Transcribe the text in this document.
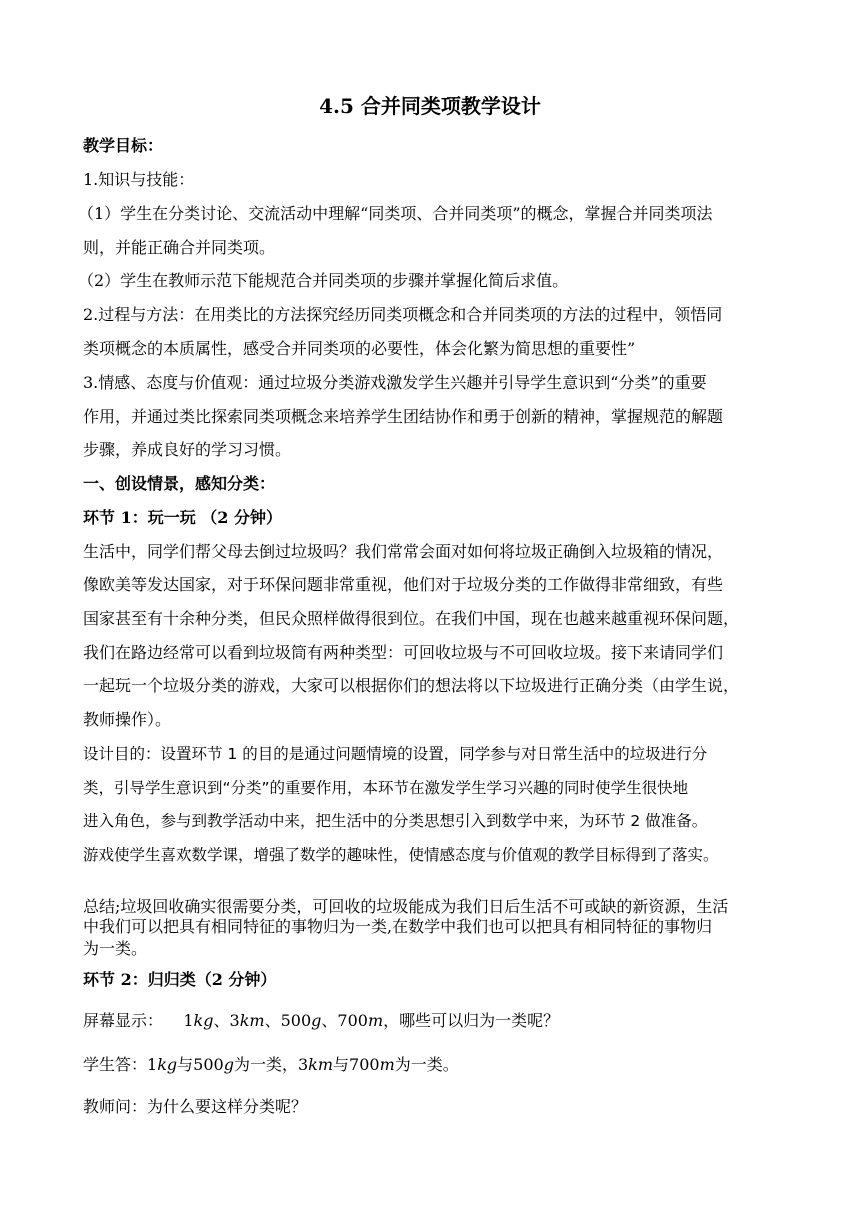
4.5 合并同类项教学设计
教学目标：
1.知识与技能：
（1）学生在分类讨论、交流活动中理解“同类项、合并同类项”的概念，掌握合并同类项法
则，并能正确合并同类项。
（2）学生在教师示范下能规范合并同类项的步骤并掌握化简后求值。
2.过程与方法：在用类比的方法探究经历同类项概念和合并同类项的方法的过程中，领悟同
类项概念的本质属性，感受合并同类项的必要性，体会化繁为简思想的重要性”
3.情感、态度与价值观：通过垃圾分类游戏激发学生兴趣并引导学生意识到“分类”的重要
作用，并通过类比探索同类项概念来培养学生团结协作和勇于创新的精神，掌握规范的解题
步骤，养成良好的学习习惯。
一、创设情景，感知分类：
环节 1：玩一玩 （2 分钟）
生活中，同学们帮父母去倒过垃圾吗？我们常常会面对如何将垃圾正确倒入垃圾箱的情况，
像欧美等发达国家，对于环保问题非常重视，他们对于垃圾分类的工作做得非常细致，有些
国家甚至有十余种分类，但民众照样做得很到位。在我们中国，现在也越来越重视环保问题，
我们在路边经常可以看到垃圾筒有两种类型：可回收垃圾与不可回收垃圾。接下来请同学们
一起玩一个垃圾分类的游戏，大家可以根据你们的想法将以下垃圾进行正确分类（由学生说，
教师操作）。
设计目的：设置环节 1 的目的是通过问题情境的设置，同学参与对日常生活中的垃圾进行分
类，引导学生意识到“分类”的重要作用，本环节在激发学生学习兴趣的同时使学生很快地
进入角色，参与到教学活动中来，把生活中的分类思想引入到数学中来，为环节 2 做准备。
游戏使学生喜欢数学课，增强了数学的趣味性，使情感态度与价值观的教学目标得到了落实。
总结;垃圾回收确实很需要分类，可回收的垃圾能成为我们日后生活不可或缺的新资源，生活
中我们可以把具有相同特征的事物归为一类,在数学中我们也可以把具有相同特征的事物归
为一类。
环节 2：归归类（2 分钟）
屏幕显示：    1kg、3km、500g、700m，哪些可以归为一类呢？
学生答：1kg与500g为一类，3km与700m为一类。
教师问：为什么要这样分类呢？
